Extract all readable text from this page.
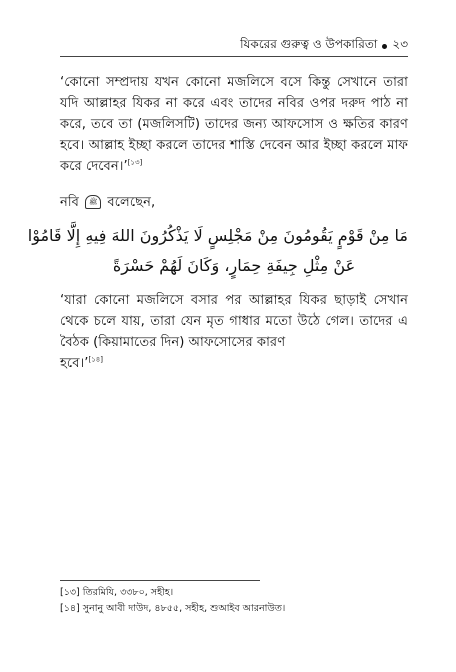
যিকরের গুরুত্ব ও উপকারিতা ২৩
‘কোনো সম্প্রদায় যখন কোনো মজলিসে বসে কিন্তু সেখানে তারা যদি আল্লাহর যিকর না করে এবং তাদের নবির ওপর দরুদ পাঠ না করে, তবে তা (মজলিসটি) তাদের জন্য আফসোস ও ক্ষতির কারণ হবে। আল্লাহ ইচ্ছা করলে তাদের শাস্তি দেবেন আর ইচ্ছা করলে মাফ করে দেবেন।’[১৩]
নবি ﷺ বলেছেন,
مَا مِنْ قَوْمٍ يَقُومُونَ مِنْ مَجْلِسٍ لَا يَذْكُرُونَ اللهَ فِيهِ إِلَّا قَامُوْا
عَنْ مِثْلِ جِيفَةِ حِمَارٍ، وَكَانَ لَهُمْ حَسْرَةً
‘যারা কোনো মজলিসে বসার পর আল্লাহর যিকর ছাড়াই সেখান থেকে চলে যায়, তারা যেন মৃত গাধার মতো উঠে গেল। তাদের এ বৈঠক (কিয়ামাতের দিন) আফসোসের কারণ
হবে।’[১৪]
[১৩] তিরমিযি, ৩৩৮০, সহীহ।
[১৪] সুনানু আবী দাউদ, ৪৮৫৫, সহীহ, শুআইব আরনাউত।
